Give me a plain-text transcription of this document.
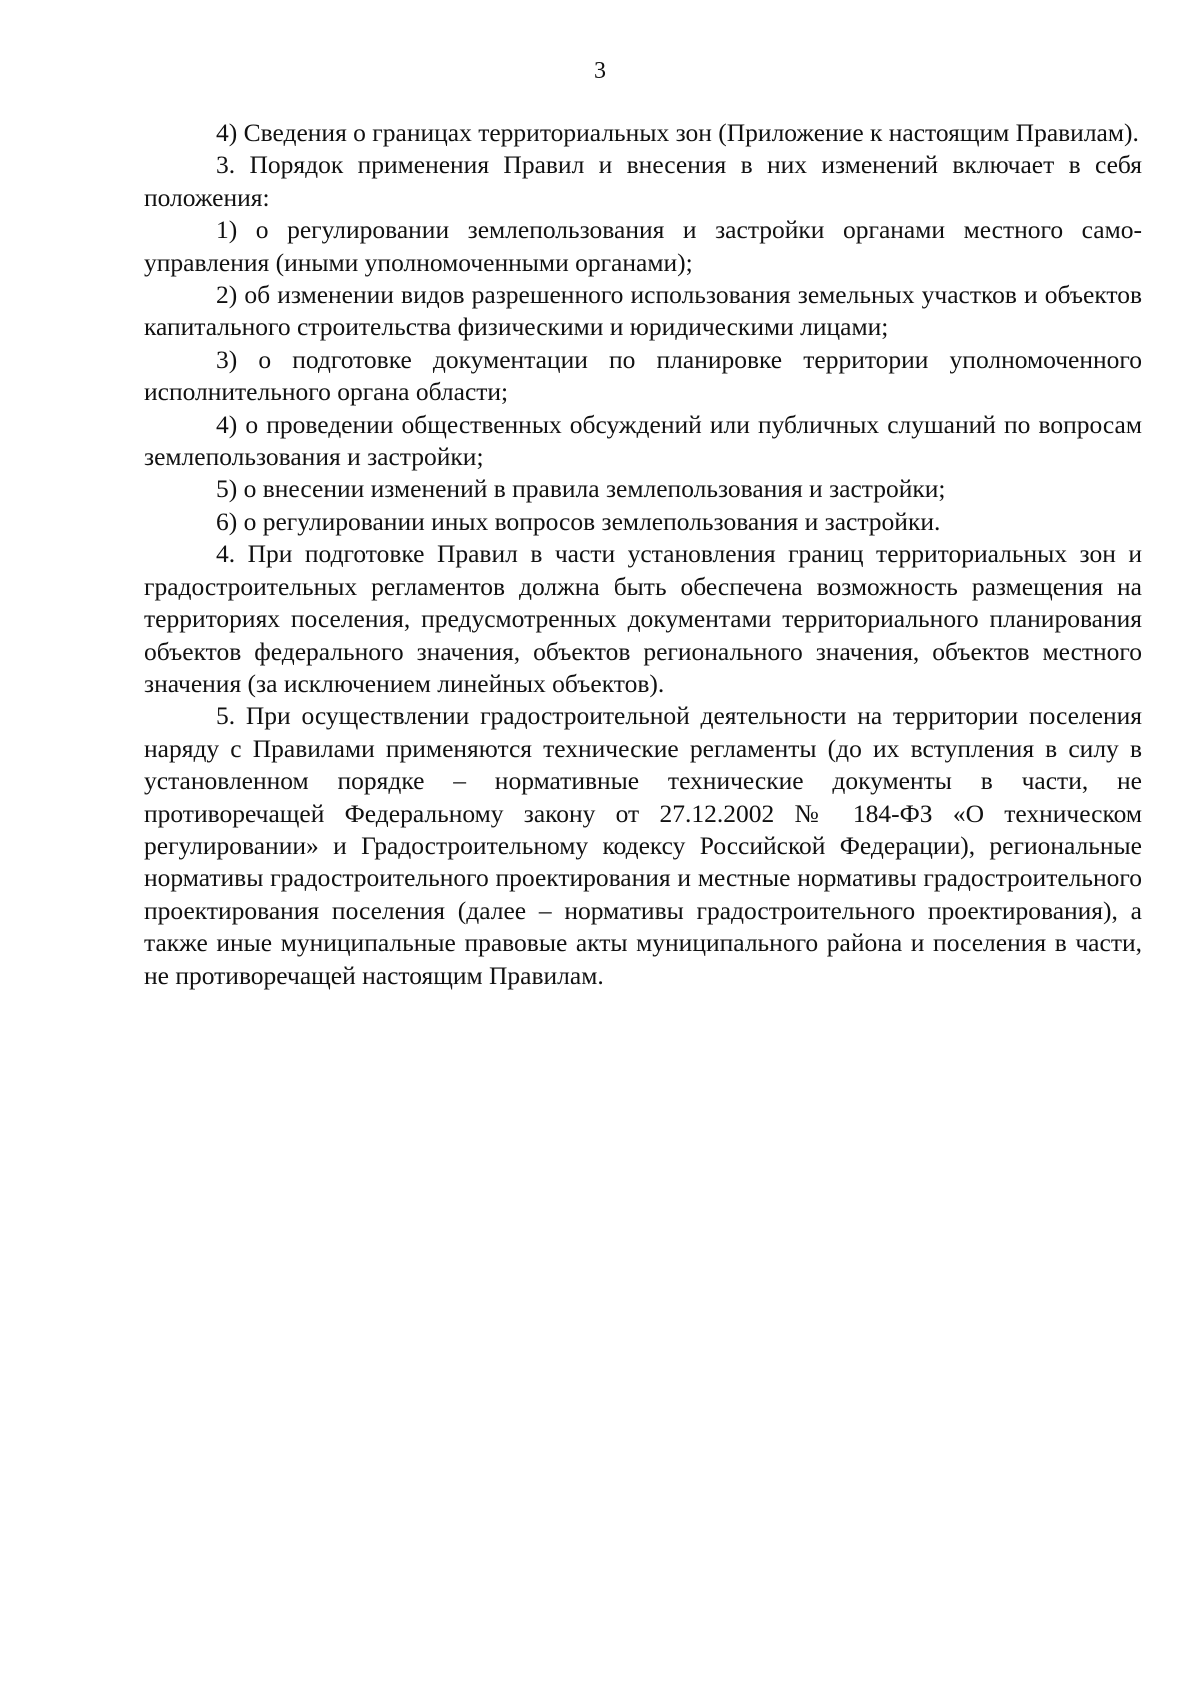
3

4) Сведения о границах территориальных зон (Приложение к настоящим Правилам).

3. Порядок применения Правил и внесения в них изменений включает в себя положения:

1) о регулировании землепользования и застройки органами местного самоуправления (иными уполномоченными органами);

2) об изменении видов разрешенного использования земельных участков и объектов капитального строительства физическими и юридическими лицами;

3) о подготовке документации по планировке территории уполномоченного исполнительного органа области;

4) о проведении общественных обсуждений или публичных слушаний по вопросам землепользования и застройки;

5) о внесении изменений в правила землепользования и застройки;

6) о регулировании иных вопросов землепользования и застройки.

4. При подготовке Правил в части установления границ территориальных зон и градостроительных регламентов должна быть обеспечена возможность размещения на территориях поселения, предусмотренных документами территориального планирования объектов федерального значения, объектов регионального значения, объектов местного значения (за исключением линейных объектов).

5. При осуществлении градостроительной деятельности на территории поселения наряду с Правилами применяются технические регламенты (до их вступления в силу в установленном порядке – нормативные технические документы в части, не противоречащей Федеральному закону от 27.12.2002 № 184-ФЗ «О техническом регулировании» и Градостроительному кодексу Российской Федерации), региональные нормативы градостроительного проектирования и местные нормативы градостроительного проектирования поселения (далее – нормативы градостроительного проектирования), а также иные муниципальные правовые акты муниципального района и поселения в части, не противоречащей настоящим Правилам.
